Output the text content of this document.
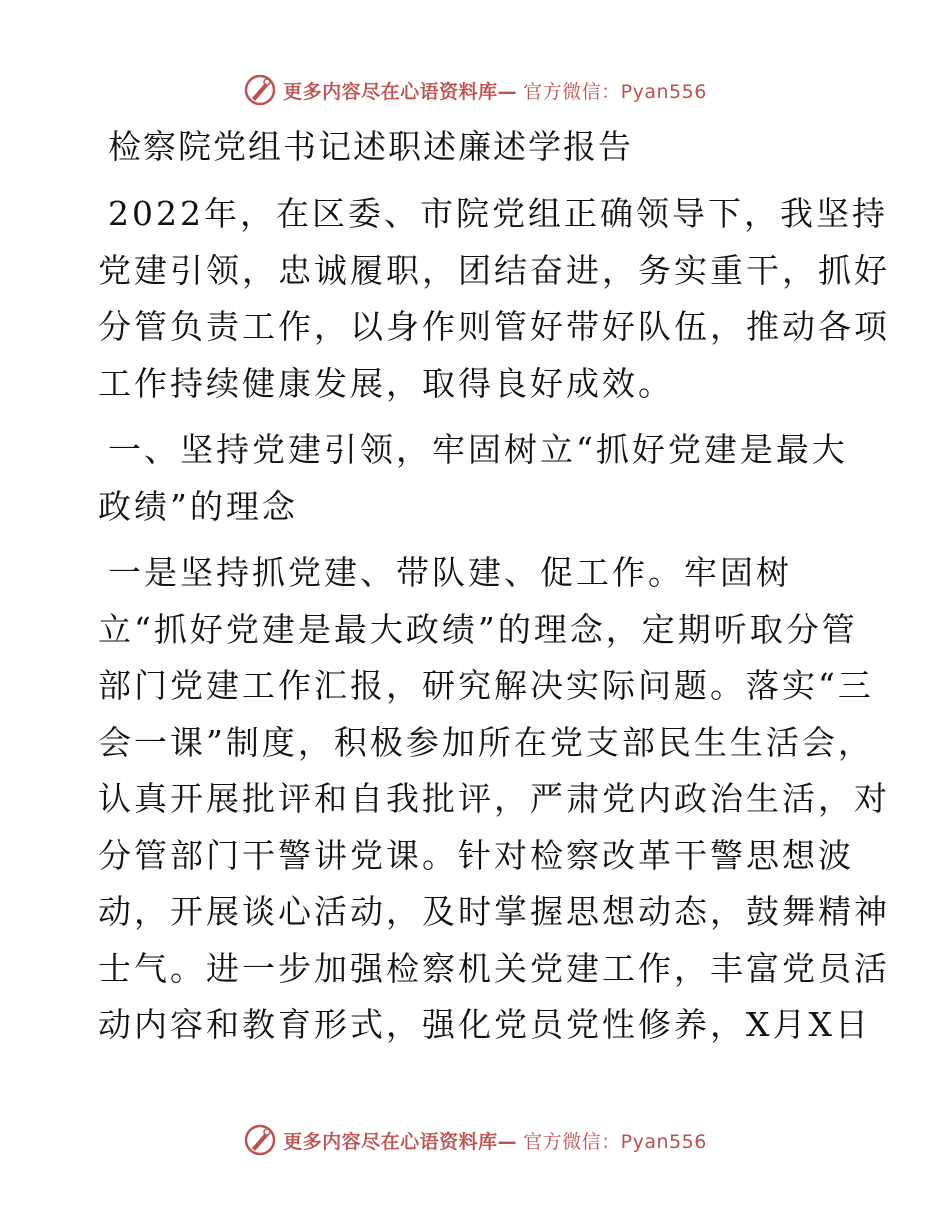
更多内容尽在心语资料库— 官方微信：Pyan556
检察院党组书记述职述廉述学报告
2022年，在区委、市院党组正确领导下，我坚持
党建引领，忠诚履职，团结奋进，务实重干，抓好
分管负责工作，以身作则管好带好队伍，推动各项
工作持续健康发展，取得良好成效。
一、坚持党建引领，牢固树立“抓好党建是最大
政绩”的理念
一是坚持抓党建、带队建、促工作。牢固树
立“抓好党建是最大政绩”的理念，定期听取分管
部门党建工作汇报，研究解决实际问题。落实“三
会一课”制度，积极参加所在党支部民生生活会，
认真开展批评和自我批评，严肃党内政治生活，对
分管部门干警讲党课。针对检察改革干警思想波
动，开展谈心活动，及时掌握思想动态，鼓舞精神
士气。进一步加强检察机关党建工作，丰富党员活
动内容和教育形式，强化党员党性修养，X月X日
更多内容尽在心语资料库— 官方微信：Pyan556
